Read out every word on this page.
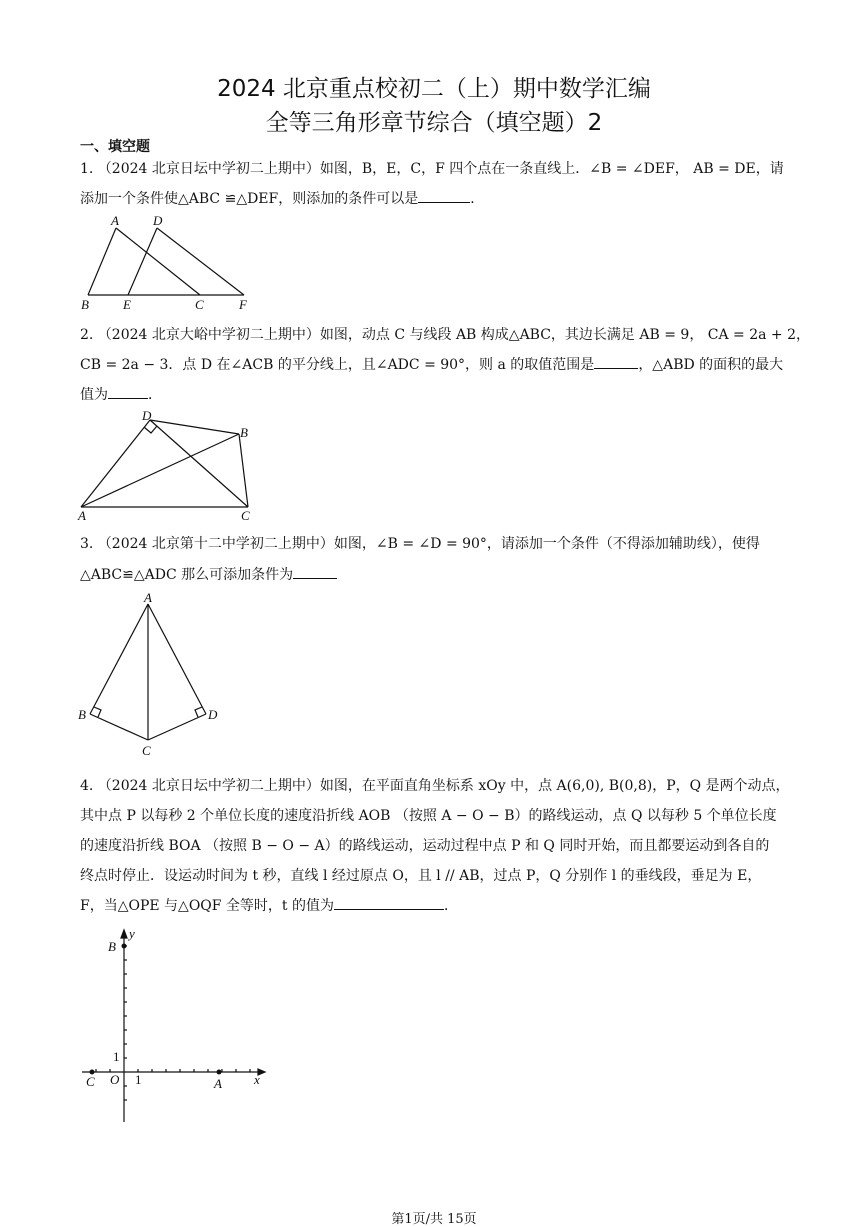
2024 北京重点校初二（上）期中数学汇编
全等三角形章节综合（填空题）2
一、填空题
1. （2024 北京日坛中学初二上期中）如图，B，E，C，F 四个点在一条直线上．∠B = ∠DEF， AB = DE，请
添加一个条件使△ABC ≌△DEF，则添加的条件可以是	．
A	D
B	E	C	F
2. （2024 北京大峪中学初二上期中）如图，动点 C 与线段 AB 构成△ABC，其边长满足 AB = 9， CA = 2a + 2，
CB = 2a − 3．点 D 在∠ACB 的平分线上，且∠ADC = 90°，则 a 的取值范围是	，△ABD 的面积的最大
值为	．
D
B
A	C
3. （2024 北京第十二中学初二上期中）如图，∠B = ∠D = 90°，请添加一个条件（不得添加辅助线），使得
△ABC≌△ADC 那么可添加条件为
A
B	D
C
4. （2024 北京日坛中学初二上期中）如图，在平面直角坐标系 xOy 中，点 A(6,0), B(0,8)，P，Q 是两个动点，
其中点 P 以每秒 2 个单位长度的速度沿折线 AOB （按照 A − O − B）的路线运动，点 Q 以每秒 5 个单位长度
的速度沿折线 BOA （按照 B − O − A）的路线运动，运动过程中点 P 和 Q 同时开始，而且都要运动到各自的
终点时停止．设运动时间为 t 秒，直线 l 经过原点 O，且 l // AB，过点 P，Q 分别作 l 的垂线段，垂足为 E，
F，当△OPE 与△OQF 全等时，t 的值为	．
y
x
B
C O	A
1
1
第1页/共 15页
